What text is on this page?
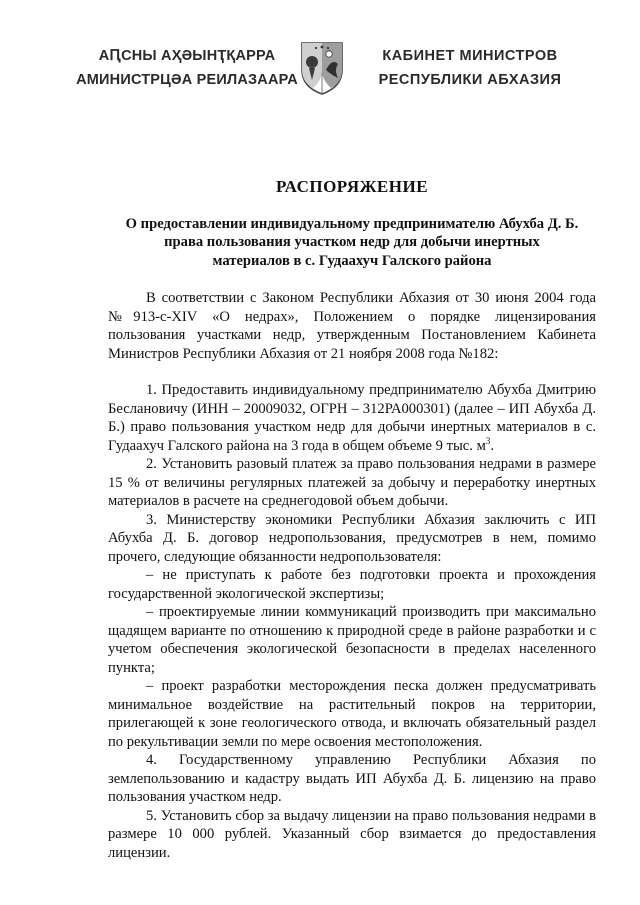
АԤСНЫ АҲӘЫНҬҚАРРА
АМИНИСТРЦӘА РЕИЛАЗААРА
КАБИНЕТ МИНИСТРОВ
РЕСПУБЛИКИ АБХАЗИЯ
РАСПОРЯЖЕНИЕ
О предоставлении индивидуальному предпринимателю Абухба Д. Б.
права пользования участком недр для добычи инертных
материалов в с. Гудаахуч Галского района

В соответствии с Законом Республики Абхазия от 30 июня 2004 года №913-с-XIV «О недрах», Положением о порядке лицензирования пользования участками недр, утвержденным Постановлением Кабинета Министров Республики Абхазия от 21 ноября 2008 года №182:

1. Предоставить индивидуальному предпринимателю Абухба Дмитрию Беслановичу (ИНН – 20009032, ОГРН – 312РА000301) (далее – ИП Абухба Д. Б.) право пользования участком недр для добычи инертных материалов в с. Гудаахуч Галского района на 3 года в общем объеме 9 тыс. $м^3$.

2. Установить разовый платеж за право пользования недрами в размере 15 % от величины регулярных платежей за добычу и переработку инертных материалов в расчете на среднегодовой объем добычи.

3. Министерству экономики Республики Абхазия заключить с ИП Абухба Д. Б. договор недропользования, предусмотрев в нем, помимо прочего, следующие обязанности недропользователя:

– не приступать к работе без подготовки проекта и прохождения государственной экологической экспертизы;

– проектируемые линии коммуникаций производить при максимально щадящем варианте по отношению к природной среде в районе разработки и с учетом обеспечения экологической безопасности в пределах населенного пункта;

– проект разработки месторождения песка должен предусматривать минимальное воздействие на растительный покров на территории, прилегающей к зоне геологического отвода, и включать обязательный раздел по рекультивации земли по мере освоения местоположения.

4. Государственному управлению Республики Абхазия по землепользованию и кадастру выдать ИП Абухба Д. Б. лицензию на право пользования участком недр.

5. Установить сбор за выдачу лицензии на право пользования недрами в размере 10 000 рублей. Указанный сбор взимается до предоставления лицензии.
